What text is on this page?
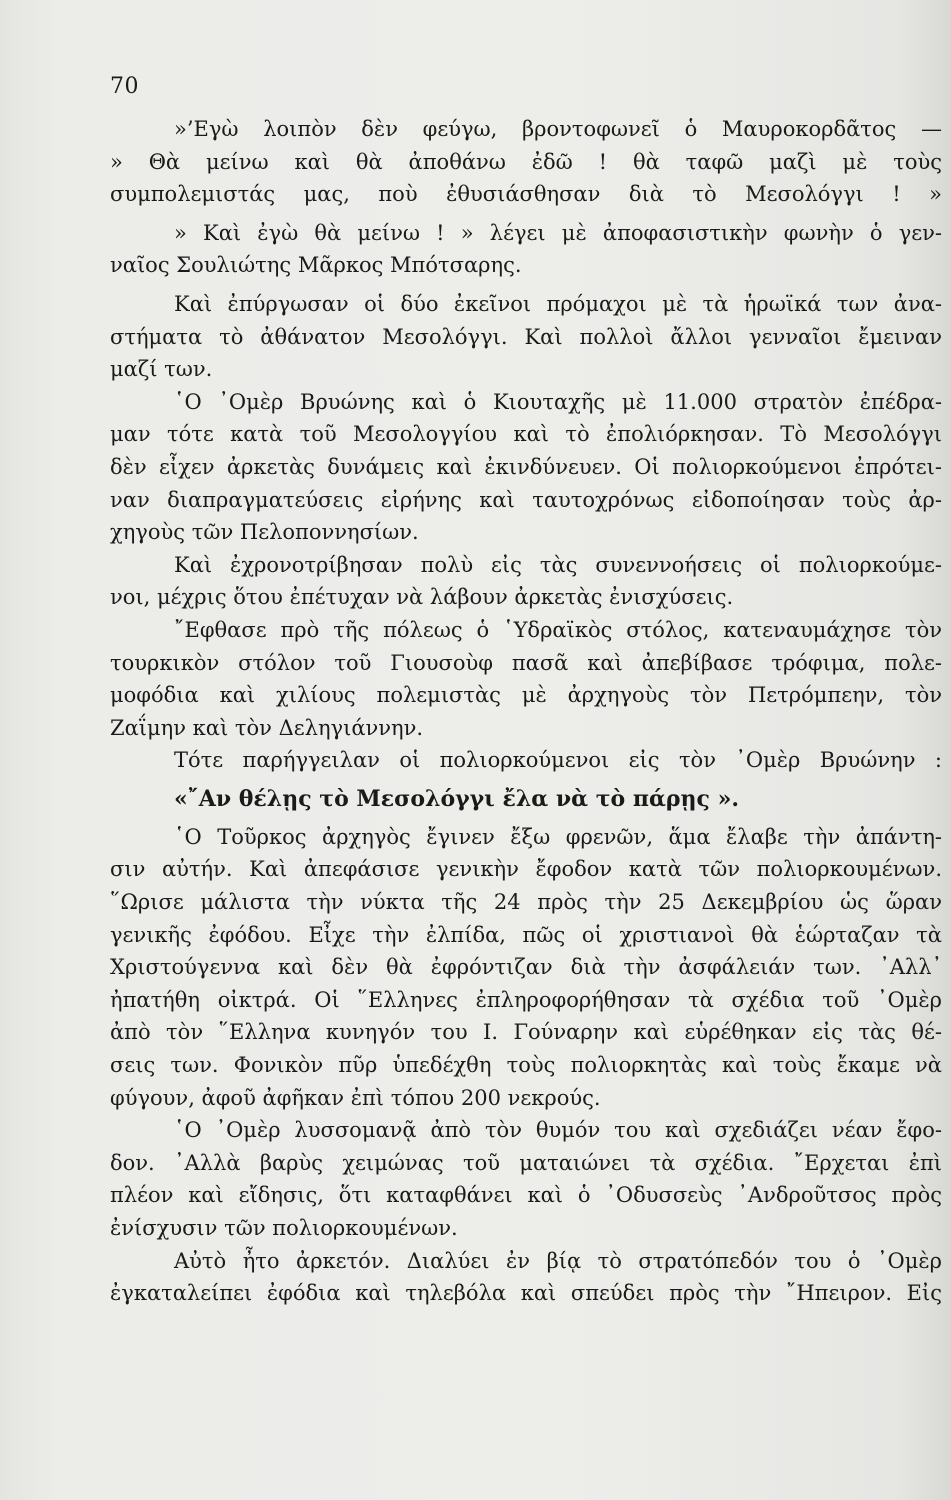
70
»’Εγὼ λοιπὸν δὲν φεύγω, βροντοφωνεῖ ὁ Μαυροκορδᾶτος —
» Θὰ μείνω καὶ θὰ ἀποθάνω ἐδῶ ! θὰ ταφῶ μαζὶ μὲ τοὺς
συμπολεμιστάς μας, ποὺ ἐθυσιάσθησαν διὰ τὸ Μεσολόγγι ! »
» Καὶ ἐγὼ θὰ μείνω ! » λέγει μὲ ἀποφασιστικὴν φωνὴν ὁ γεν-
ναῖος Σουλιώτης Μᾶρκος Μπότσαρης.
Καὶ ἐπύργωσαν οἱ δύο ἐκεῖνοι πρόμαχοι μὲ τὰ ἡρωϊκά των ἀνα-
στήματα τὸ ἀθάνατον Μεσολόγγι. Καὶ πολλοὶ ἄλλοι γενναῖοι ἔμειναν
μαζί των.
῾Ο ᾿Ομὲρ Βρυώνης καὶ ὁ Κιουταχῆς μὲ 11.000 στρατὸν ἐπέδρα-
μαν τότε κατὰ τοῦ Μεσολογγίου καὶ τὸ ἐπολιόρκησαν. Τὸ Μεσολόγγι
δὲν εἶχεν ἀρκετὰς δυνάμεις καὶ ἐκινδύνευεν. Οἱ πολιορκούμενοι ἐπρότει-
ναν διαπραγματεύσεις εἰρήνης καὶ ταυτοχρόνως εἰδοποίησαν τοὺς ἀρ-
χηγοὺς τῶν Πελοποννησίων.
Καὶ ἐχρονοτρίβησαν πολὺ εἰς τὰς συνεννοήσεις οἱ πολιορκούμε-
νοι, μέχρις ὅτου ἐπέτυχαν νὰ λάβουν ἀρκετὰς ἐνισχύσεις.
῎Εφθασε πρὸ τῆς πόλεως ὁ ῾Υδραϊκὸς στόλος, κατεναυμάχησε τὸν
τουρκικὸν στόλον τοῦ Γιουσοὺφ πασᾶ καὶ ἀπεβίβασε τρόφιμα, πολε-
μοφόδια καὶ χιλίους πολεμιστὰς μὲ ἀρχηγοὺς τὸν Πετρόμπεην, τὸν
Ζαΐμην καὶ τὸν Δεληγιάννην.
Τότε παρήγγειλαν οἱ πολιορκούμενοι εἰς τὸν ᾿Ομὲρ Βρυώνην :
«῎Αν θέλῃς τὸ Μεσολόγγι ἔλα νὰ τὸ πάρῃς ».
῾Ο Τοῦρκος ἀρχηγὸς ἔγινεν ἔξω φρενῶν, ἅμα ἔλαβε τὴν ἀπάντη-
σιν αὐτήν. Καὶ ἀπεφάσισε γενικὴν ἔφοδον κατὰ τῶν πολιορκουμένων.
῞Ωρισε μάλιστα τὴν νύκτα τῆς 24 πρὸς τὴν 25 Δεκεμβρίου ὡς ὥραν
γενικῆς ἐφόδου. Εἶχε τὴν ἐλπίδα, πῶς οἱ χριστιανοὶ θὰ ἑώρταζαν τὰ
Χριστούγεννα καὶ δὲν θὰ ἐφρόντιζαν διὰ τὴν ἀσφάλειάν των. ᾿Αλλ᾿
ἠπατήθη οἰκτρά. Οἱ ῞Ελληνες ἐπληροφορήθησαν τὰ σχέδια τοῦ ᾿Ομὲρ
ἀπὸ τὸν ῞Ελληνα κυνηγόν του Ι. Γούναρην καὶ εὑρέθηκαν εἰς τὰς θέ-
σεις των. Φονικὸν πῦρ ὑπεδέχθη τοὺς πολιορκητὰς καὶ τοὺς ἔκαμε νὰ
φύγουν, ἀφοῦ ἀφῆκαν ἐπὶ τόπου 200 νεκρούς.
῾Ο ᾿Ομὲρ λυσσομανᾷ ἀπὸ τὸν θυμόν του καὶ σχεδιάζει νέαν ἔφο-
δον. ᾿Αλλὰ βαρὺς χειμώνας τοῦ ματαιώνει τὰ σχέδια. ῎Ερχεται ἐπὶ
πλέον καὶ εἴδησις, ὅτι καταφθάνει καὶ ὁ ᾿Οδυσσεὺς ᾿Ανδροῦτσος πρὸς
ἐνίσχυσιν τῶν πολιορκουμένων.
Αὐτὸ ἦτο ἀρκετόν. Διαλύει ἐν βίᾳ τὸ στρατόπεδόν του ὁ ᾿Ομὲρ
ἐγκαταλείπει ἐφόδια καὶ τηλεβόλα καὶ σπεύδει πρὸς τὴν ῎Ηπειρον. Εἰς
